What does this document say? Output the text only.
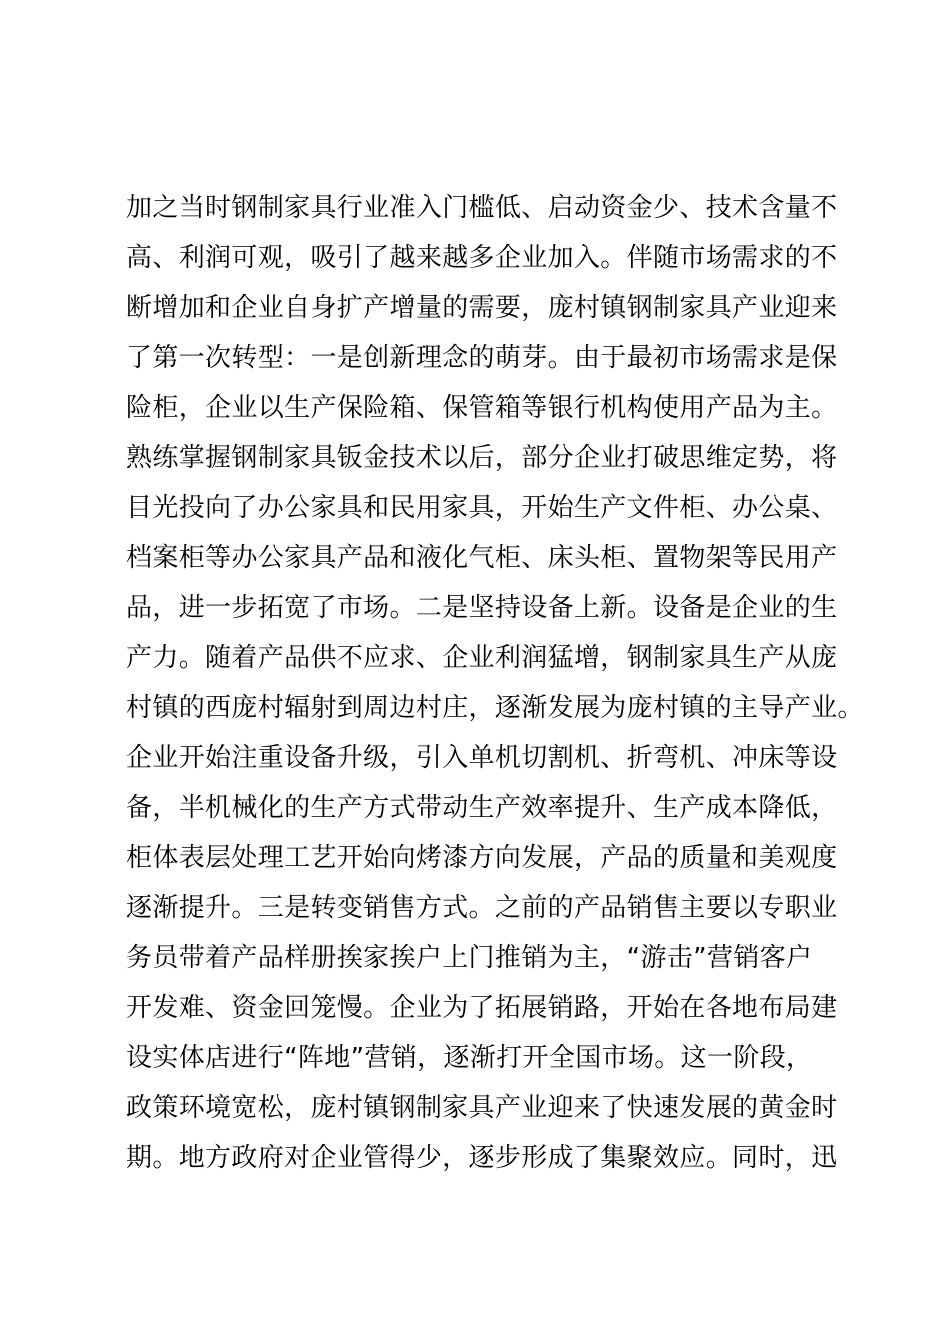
加之当时钢制家具行业准入门槛低、启动资金少、技术含量不
高、利润可观，吸引了越来越多企业加入。伴随市场需求的不
断增加和企业自身扩产增量的需要，庞村镇钢制家具产业迎来
了第一次转型：一是创新理念的萌芽。由于最初市场需求是保
险柜，企业以生产保险箱、保管箱等银行机构使用产品为主。
熟练掌握钢制家具钣金技术以后，部分企业打破思维定势，将
目光投向了办公家具和民用家具，开始生产文件柜、办公桌、
档案柜等办公家具产品和液化气柜、床头柜、置物架等民用产
品，进一步拓宽了市场。二是坚持设备上新。设备是企业的生
产力。随着产品供不应求、企业利润猛增，钢制家具生产从庞
村镇的西庞村辐射到周边村庄，逐渐发展为庞村镇的主导产业。
企业开始注重设备升级，引入单机切割机、折弯机、冲床等设
备，半机械化的生产方式带动生产效率提升、生产成本降低，
柜体表层处理工艺开始向烤漆方向发展，产品的质量和美观度
逐渐提升。三是转变销售方式。之前的产品销售主要以专职业
务员带着产品样册挨家挨户上门推销为主，“游击”营销客户
开发难、资金回笼慢。企业为了拓展销路，开始在各地布局建
设实体店进行“阵地”营销，逐渐打开全国市场。这一阶段，
政策环境宽松，庞村镇钢制家具产业迎来了快速发展的黄金时
期。地方政府对企业管得少，逐步形成了集聚效应。同时，迅
